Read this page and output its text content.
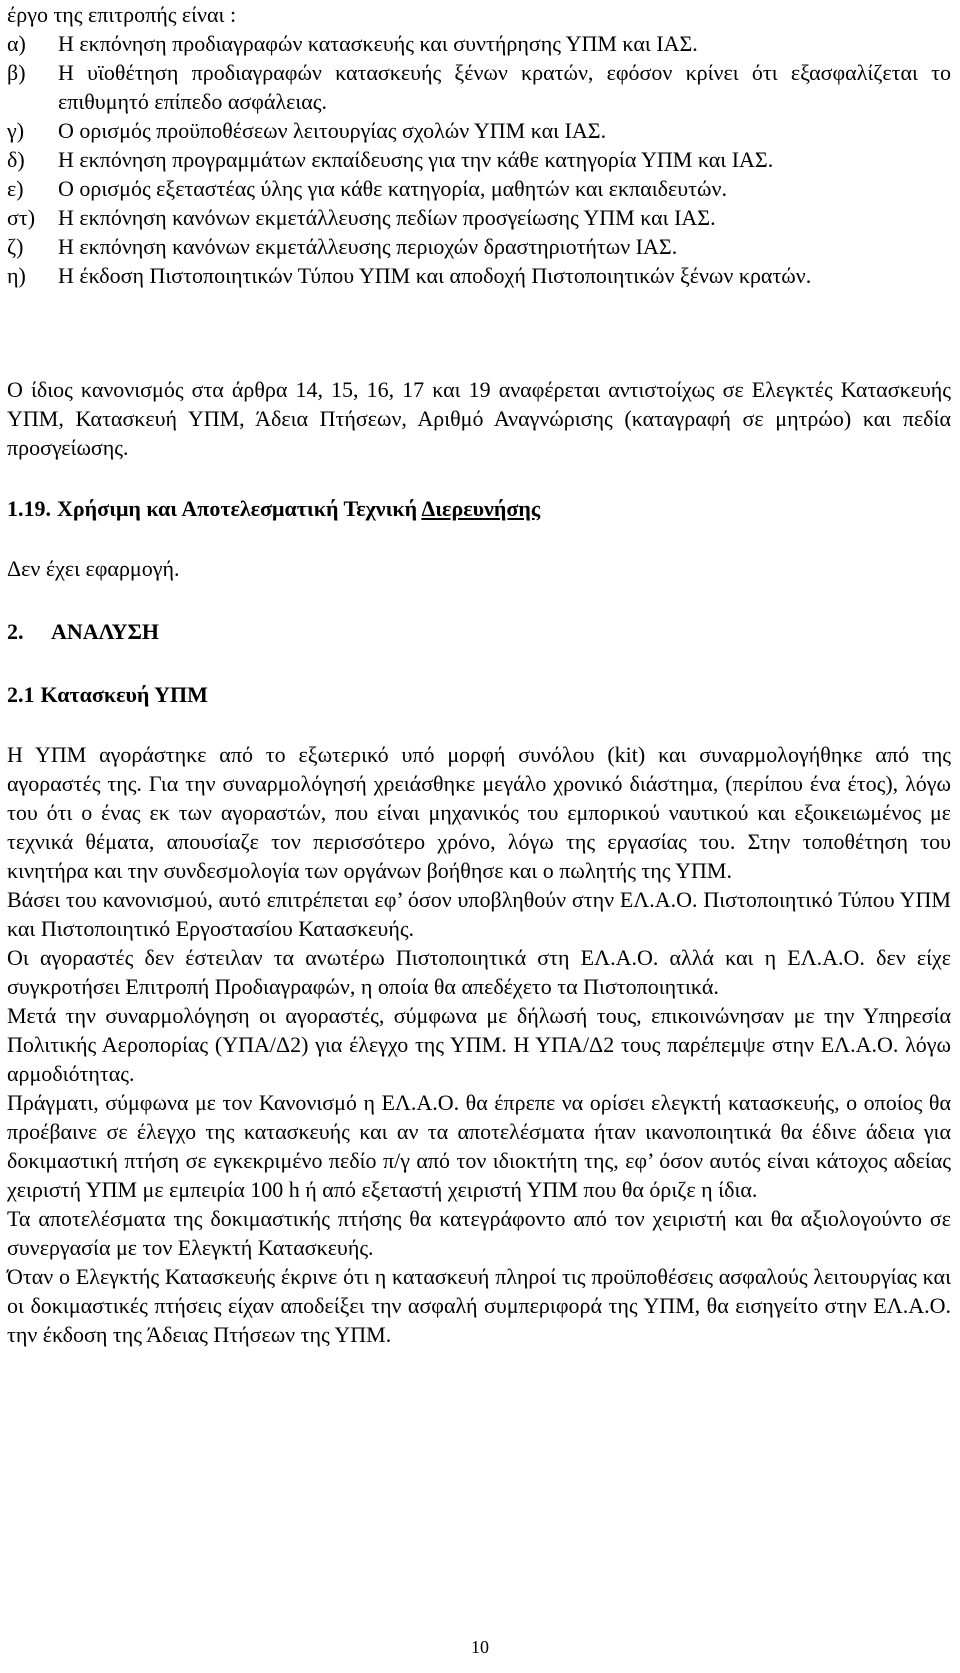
έργο της επιτροπής είναι :
α)	Η εκπόνηση προδιαγραφών κατασκευής και συντήρησης ΥΠΜ και ΙΑΣ.
β)	Η υϊοθέτηση προδιαγραφών κατασκευής ξένων κρατών, εφόσον κρίνει ότι εξασφαλίζεται το επιθυμητό επίπεδο ασφάλειας.
γ)	Ο ορισμός προϋποθέσεων λειτουργίας σχολών ΥΠΜ και ΙΑΣ.
δ)	Η εκπόνηση προγραμμάτων εκπαίδευσης για την κάθε κατηγορία ΥΠΜ και ΙΑΣ.
ε)	Ο ορισμός εξεταστέας ύλης για κάθε κατηγορία, μαθητών και εκπαιδευτών.
στ)	Η εκπόνηση κανόνων εκμετάλλευσης πεδίων προσγείωσης ΥΠΜ και ΙΑΣ.
ζ)	Η εκπόνηση κανόνων εκμετάλλευσης περιοχών δραστηριοτήτων ΙΑΣ.
η)	Η έκδοση Πιστοποιητικών Τύπου ΥΠΜ και αποδοχή Πιστοποιητικών ξένων κρατών.
Ο ίδιος κανονισμός στα άρθρα 14, 15, 16, 17 και 19 αναφέρεται αντιστοίχως σε Ελεγκτές Κατασκευής ΥΠΜ, Κατασκευή ΥΠΜ, Άδεια Πτήσεων, Αριθμό Αναγνώρισης (καταγραφή σε μητρώο) και πεδία προσγείωσης.
1.19. Χρήσιμη και Αποτελεσματική Τεχνική Διερευνήσης
Δεν έχει εφαρμογή.
2. ΑΝΑΛΥΣΗ
2.1 Κατασκευή ΥΠΜ

Η ΥΠΜ αγοράστηκε από το εξωτερικό υπό μορφή συνόλου (kit) και συναρμολογήθηκε από της αγοραστές της. Για την συναρμολόγησή χρειάσθηκε μεγάλο χρονικό διάστημα, (περίπου ένα έτος), λόγω του ότι ο ένας εκ των αγοραστών, που είναι μηχανικός του εμπορικού ναυτικού και εξοικειωμένος με τεχνικά θέματα, απουσίαζε τον περισσότερο χρόνο, λόγω της εργασίας του. Στην τοποθέτηση του κινητήρα και την συνδεσμολογία των οργάνων βοήθησε και ο πωλητής της ΥΠΜ.

Βάσει του κανονισμού, αυτό επιτρέπεται εφ’ όσον υποβληθούν στην ΕΛ.Α.Ο. Πιστοποιητικό Τύπου ΥΠΜ και Πιστοποιητικό Εργοστασίου Κατασκευής.

Οι αγοραστές δεν έστειλαν τα ανωτέρω Πιστοποιητικά στη ΕΛ.Α.Ο. αλλά και η ΕΛ.Α.Ο. δεν είχε συγκροτήσει Επιτροπή Προδιαγραφών, η οποία θα απεδέχετο τα Πιστοποιητικά.

Μετά την συναρμολόγηση οι αγοραστές, σύμφωνα με δήλωσή τους, επικοινώνησαν με την Υπηρεσία Πολιτικής Αεροπορίας (ΥΠΑ/Δ2) για έλεγχο της ΥΠΜ. Η ΥΠΑ/Δ2 τους παρέπεμψε στην ΕΛ.Α.Ο. λόγω αρμοδιότητας.

Πράγματι, σύμφωνα με τον Κανονισμό η ΕΛ.Α.Ο. θα έπρεπε να ορίσει ελεγκτή κατασκευής, ο οποίος θα προέβαινε σε έλεγχο της κατασκευής και αν τα αποτελέσματα ήταν ικανοποιητικά θα έδινε άδεια για δοκιμαστική πτήση σε εγκεκριμένο πεδίο π/γ από τον ιδιοκτήτη της, εφ’ όσον αυτός είναι κάτοχος αδείας χειριστή ΥΠΜ με εμπειρία 100 h ή από εξεταστή χειριστή ΥΠΜ που θα όριζε η ίδια.

Τα αποτελέσματα της δοκιμαστικής πτήσης θα κατεγράφοντο από τον χειριστή και θα αξιολογούντο σε συνεργασία με τον Ελεγκτή Κατασκευής.

Όταν ο Ελεγκτής Κατασκευής έκρινε ότι η κατασκευή πληροί τις προϋποθέσεις ασφαλούς λειτουργίας και οι δοκιμαστικές πτήσεις είχαν αποδείξει την ασφαλή συμπεριφορά της ΥΠΜ, θα εισηγείτο στην ΕΛ.Α.Ο. την έκδοση της Άδειας Πτήσεων της ΥΠΜ.

10
